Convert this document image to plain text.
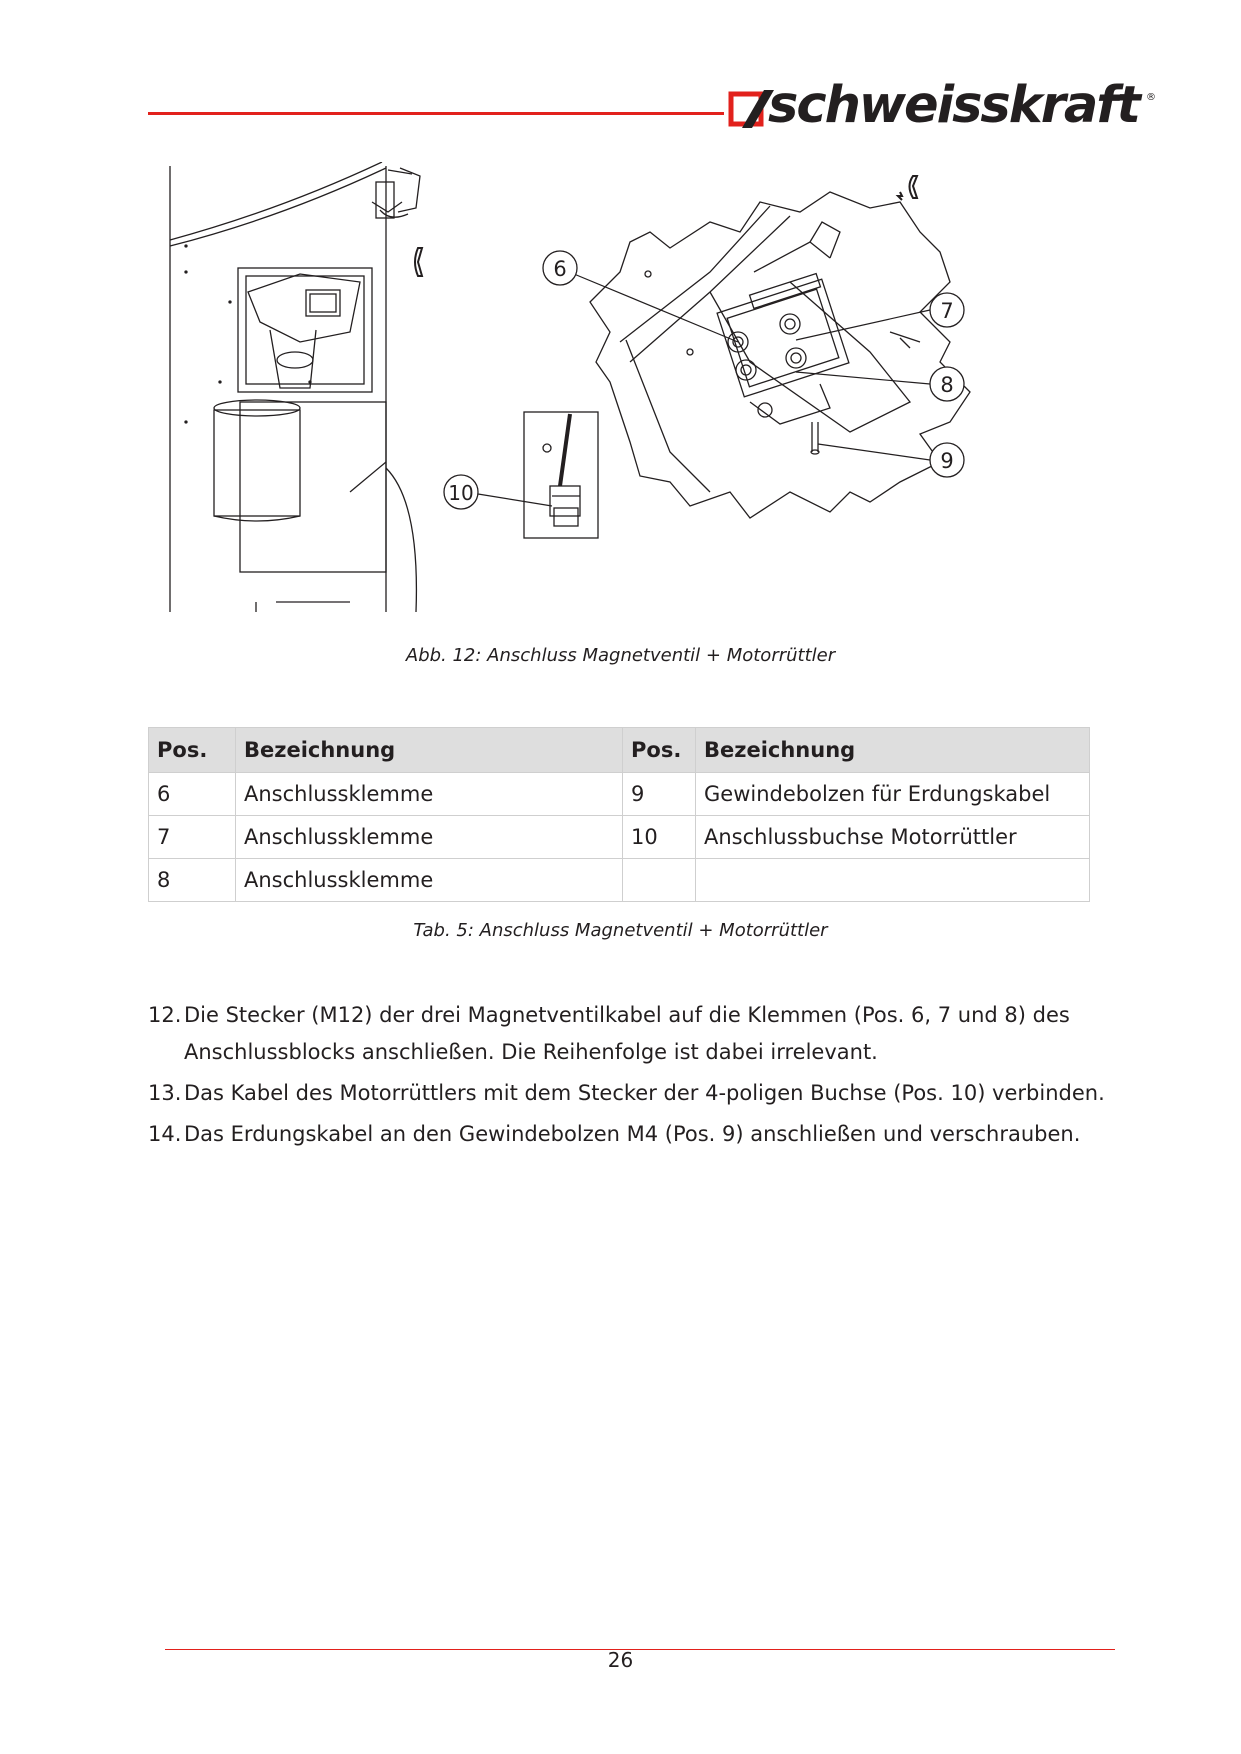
schweisskraft ®
6
7
8
9
10
Abb. 12: Anschluss Magnetventil + Motorrüttler
Pos.	Bezeichnung	Pos.	Bezeichnung
6	Anschlussklemme	9	Gewindebolzen für Erdungskabel
7	Anschlussklemme	10	Anschlussbuchse Motorrüttler
8	Anschlussklemme		
Tab. 5: Anschluss Magnetventil + Motorrüttler
12. Die Stecker (M12) der drei Magnetventilkabel auf die Klemmen (Pos. 6, 7 und 8) des Anschlussblocks anschließen. Die Reihenfolge ist dabei irrelevant.
13. Das Kabel des Motorrüttlers mit dem Stecker der 4-poligen Buchse (Pos. 10) verbinden.
14. Das Erdungskabel an den Gewindebolzen M4 (Pos. 9) anschließen und verschrauben.
26
